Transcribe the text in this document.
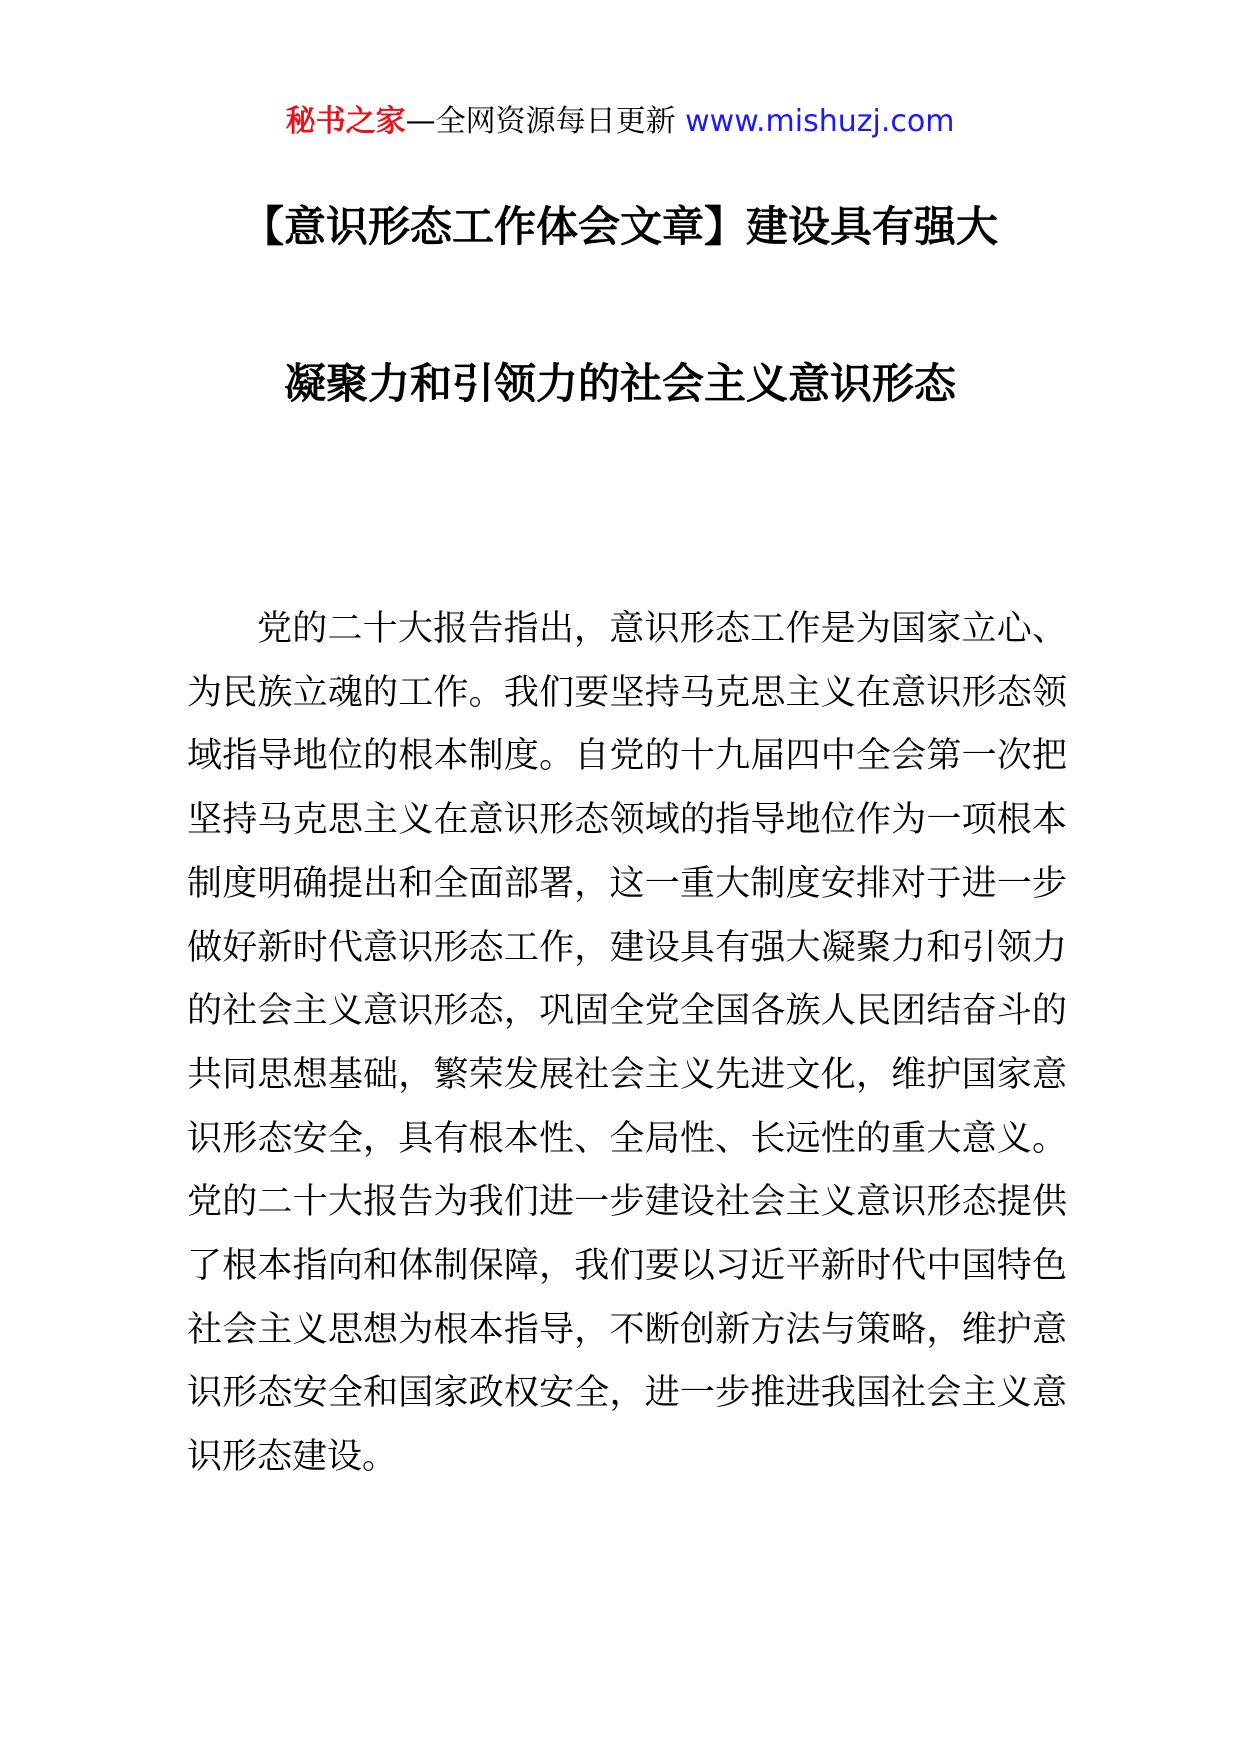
秘书之家—全网资源每日更新 www.mishuzj.com
【意识形态工作体会文章】建设具有强大
凝聚力和引领力的社会主义意识形态

党的二十大报告指出，意识形态工作是为国家立心、为民族立魂的工作。我们要坚持马克思主义在意识形态领域指导地位的根本制度。自党的十九届四中全会第一次把坚持马克思主义在意识形态领域的指导地位作为一项根本制度明确提出和全面部署，这一重大制度安排对于进一步做好新时代意识形态工作，建设具有强大凝聚力和引领力的社会主义意识形态，巩固全党全国各族人民团结奋斗的共同思想基础，繁荣发展社会主义先进文化，维护国家意识形态安全，具有根本性、全局性、长远性的重大意义。党的二十大报告为我们进一步建设社会主义意识形态提供了根本指向和体制保障，我们要以习近平新时代中国特色社会主义思想为根本指导，不断创新方法与策略，维护意识形态安全和国家政权安全，进一步推进我国社会主义意识形态建设。
